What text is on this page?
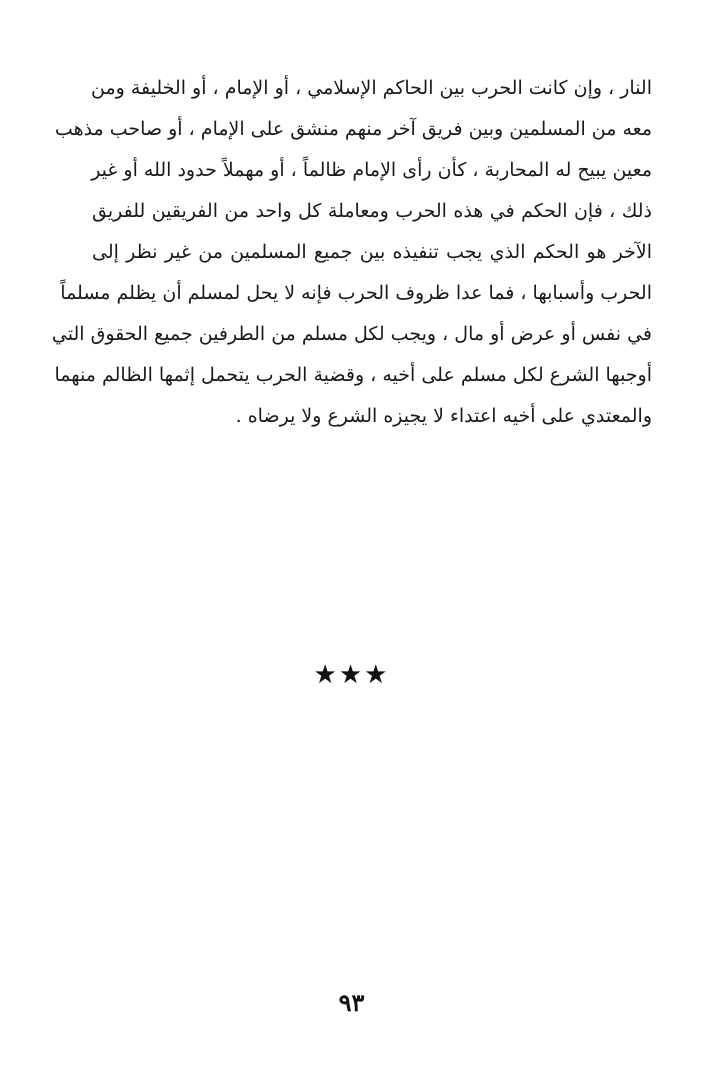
النار ، وإن كانت الحرب بين الحاكم الإسلامي ، أو الإمام ، أو الخليفة ومن
معه من المسلمين وبين فريق آخر منهم منشق على الإمام ، أو صاحب مذهب
معين يبيح له المحاربة ، كأن رأى الإمام ظالماً ، أو مهملاً حدود الله أو غير
ذلك ، فإن الحكم في هذه الحرب ومعاملة كل واحد من الفريقين للفريق
الآخر هو الحكم الذي يجب تنفيذه بين جميع المسلمين من غير نظر إلى
الحرب وأسبابها ، فما عدا ظروف الحرب فإنه لا يحل لمسلم أن يظلم مسلماً
في نفس أو عرض أو مال ، ويجب لكل مسلم من الطرفين جميع الحقوق التي
أوجبها الشرع لكل مسلم على أخيه ، وقضية الحرب يتحمل إثمها الظالم منهما
والمعتدي على أخيه اعتداء لا يجيزه الشرع ولا يرضاه .
★★★
٩٣
